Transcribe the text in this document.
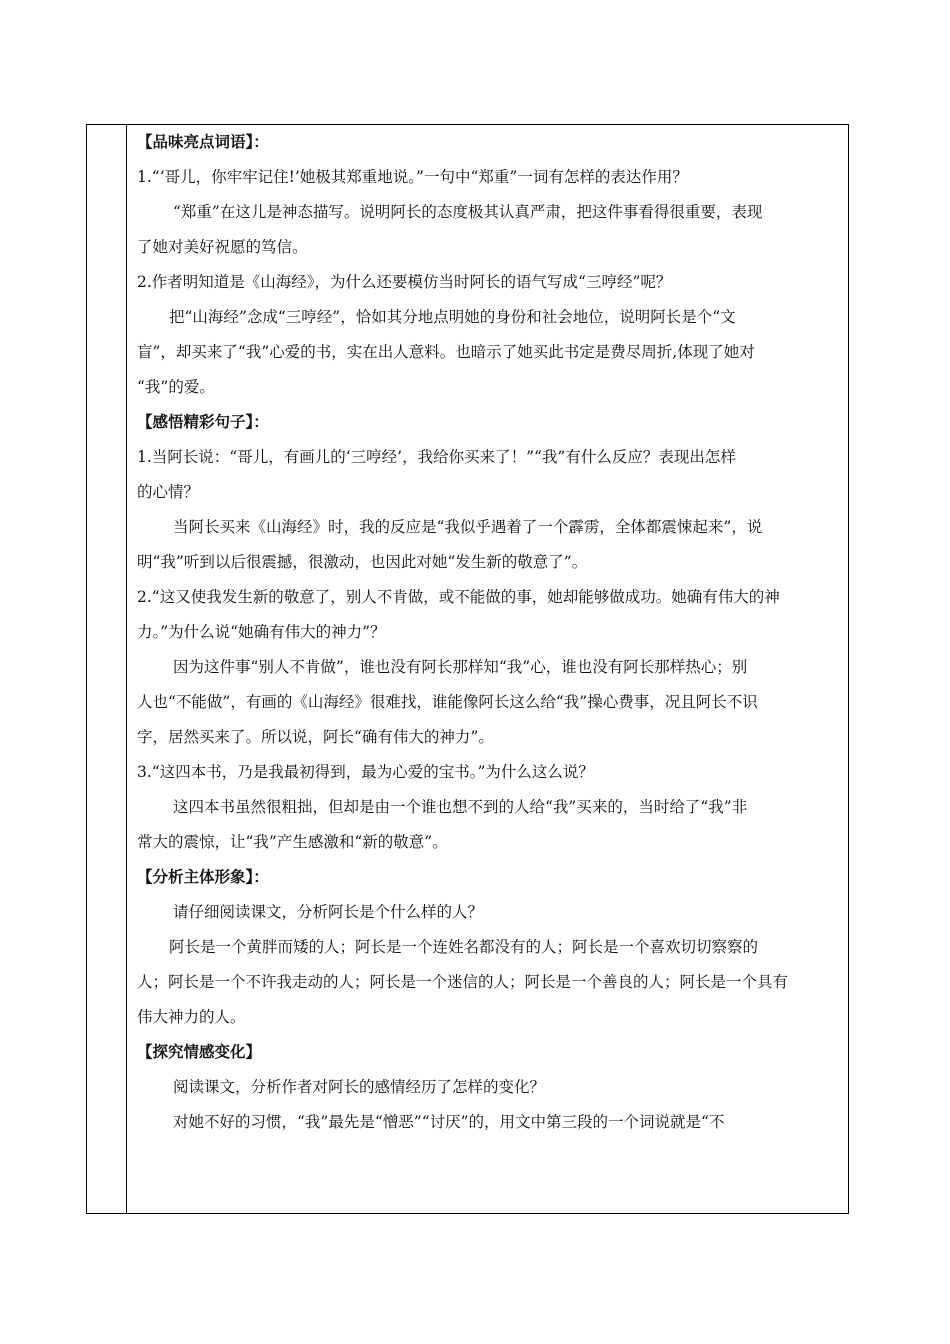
【品味亮点词语】：
1.“‘哥儿，你牢牢记住!’她极其郑重地说。”一句中“郑重”一词有怎样的表达作用？
“郑重”在这儿是神态描写。说明阿长的态度极其认真严肃，把这件事看得很重要，表现
了她对美好祝愿的笃信。
2.作者明知道是《山海经》，为什么还要模仿当时阿长的语气写成“三哼经”呢？
把“山海经”念成“三哼经”，恰如其分地点明她的身份和社会地位，说明阿长是个“文
盲”，却买来了“我”心爱的书，实在出人意料。也暗示了她买此书定是费尽周折,体现了她对
“我”的爱。
【感悟精彩句子】：
1.当阿长说：“哥儿，有画儿的‘三哼经’，我给你买来了！”“我”有什么反应？表现出怎样
的心情？
当阿长买来《山海经》时，我的反应是“我似乎遇着了一个霹雳，全体都震悚起来”，说
明“我”听到以后很震撼，很激动，也因此对她“发生新的敬意了”。
2.“这又使我发生新的敬意了，别人不肯做，或不能做的事，她却能够做成功。她确有伟大的神
力。”为什么说“她确有伟大的神力”？
因为这件事“别人不肯做”，谁也没有阿长那样知“我”心，谁也没有阿长那样热心；别
人也“不能做”，有画的《山海经》很难找，谁能像阿长这么给“我”操心费事，况且阿长不识
字，居然买来了。所以说，阿长“确有伟大的神力”。
3.“这四本书，乃是我最初得到，最为心爱的宝书。”为什么这么说？
这四本书虽然很粗拙，但却是由一个谁也想不到的人给“我”买来的，当时给了“我”非
常大的震惊，让“我”产生感激和“新的敬意”。
【分析主体形象】：
请仔细阅读课文，分析阿长是个什么样的人？
阿长是一个黄胖而矮的人；阿长是一个连姓名都没有的人；阿长是一个喜欢切切察察的
人；阿长是一个不许我走动的人；阿长是一个迷信的人；阿长是一个善良的人；阿长是一个具有
伟大神力的人。
【探究情感变化】
阅读课文，分析作者对阿长的感情经历了怎样的变化？
对她不好的习惯，“我”最先是“憎恶”“讨厌”的，用文中第三段的一个词说就是“不
